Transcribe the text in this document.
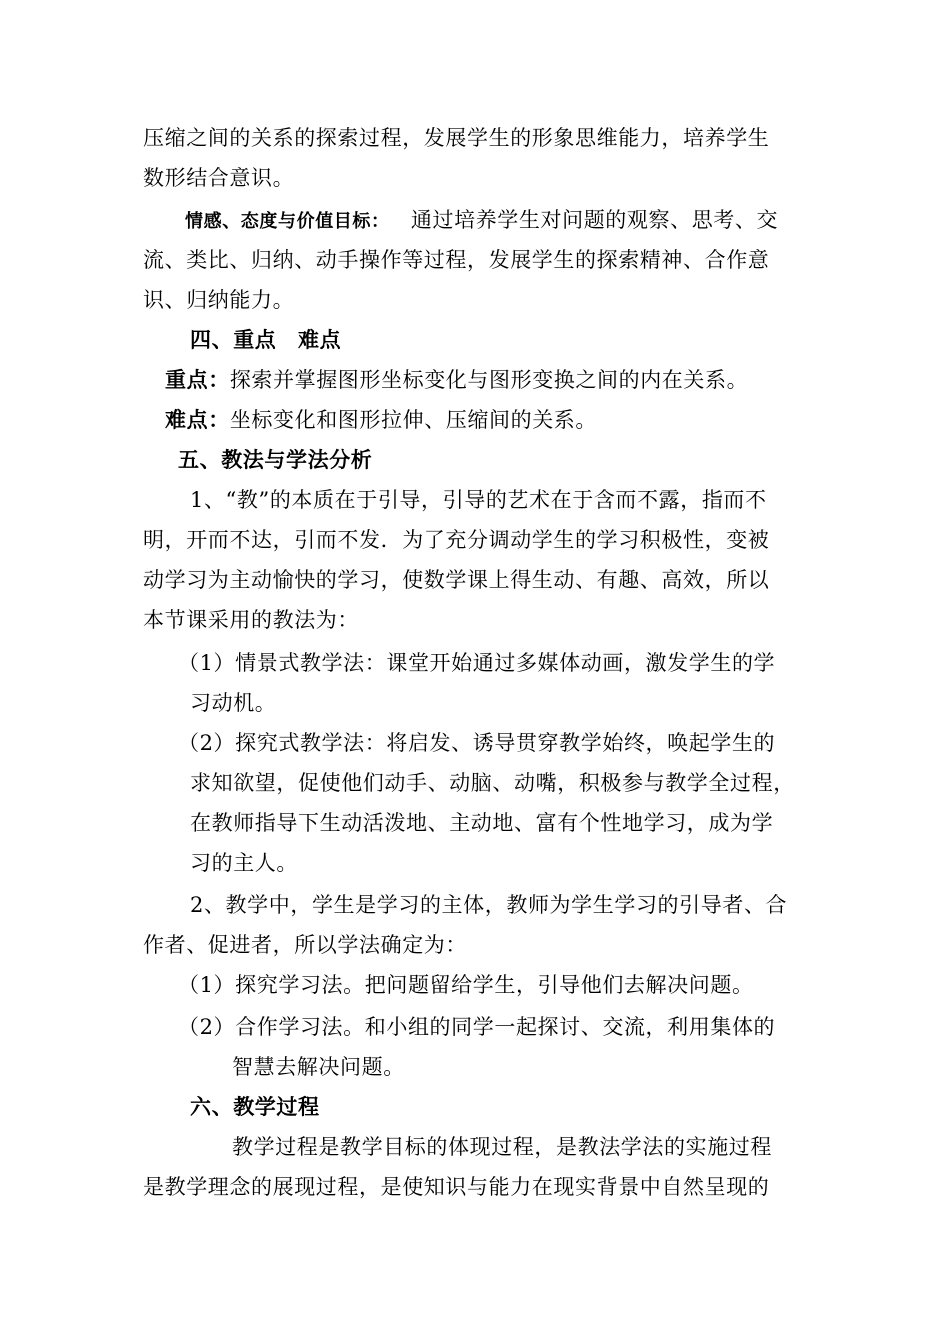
压缩之间的关系的探索过程，发展学生的形象思维能力，培养学生
数形结合意识。
情感、态度与价值目标： 通过培养学生对问题的观察、思考、交
流、类比、归纳、动手操作等过程，发展学生的探索精神、合作意
识、归纳能力。
四、重点　难点
重点：探索并掌握图形坐标变化与图形变换之间的内在关系。
难点：坐标变化和图形拉伸、压缩间的关系。
五、教法与学法分析
1、“教”的本质在于引导，引导的艺术在于含而不露，指而不
明，开而不达，引而不发．为了充分调动学生的学习积极性，变被
动学习为主动愉快的学习，使数学课上得生动、有趣、高效，所以
本节课采用的教法为：
（1）情景式教学法：课堂开始通过多媒体动画，激发学生的学
习动机。
（2）探究式教学法：将启发、诱导贯穿教学始终，唤起学生的
求知欲望，促使他们动手、动脑、动嘴，积极参与教学全过程，
在教师指导下生动活泼地、主动地、富有个性地学习，成为学
习的主人。
2、教学中，学生是学习的主体，教师为学生学习的引导者、合
作者、促进者，所以学法确定为：
（1）探究学习法。把问题留给学生，引导他们去解决问题。
（2）合作学习法。和小组的同学一起探讨、交流，利用集体的
智慧去解决问题。
六、教学过程
教学过程是教学目标的体现过程，是教法学法的实施过程
是教学理念的展现过程，是使知识与能力在现实背景中自然呈现的
